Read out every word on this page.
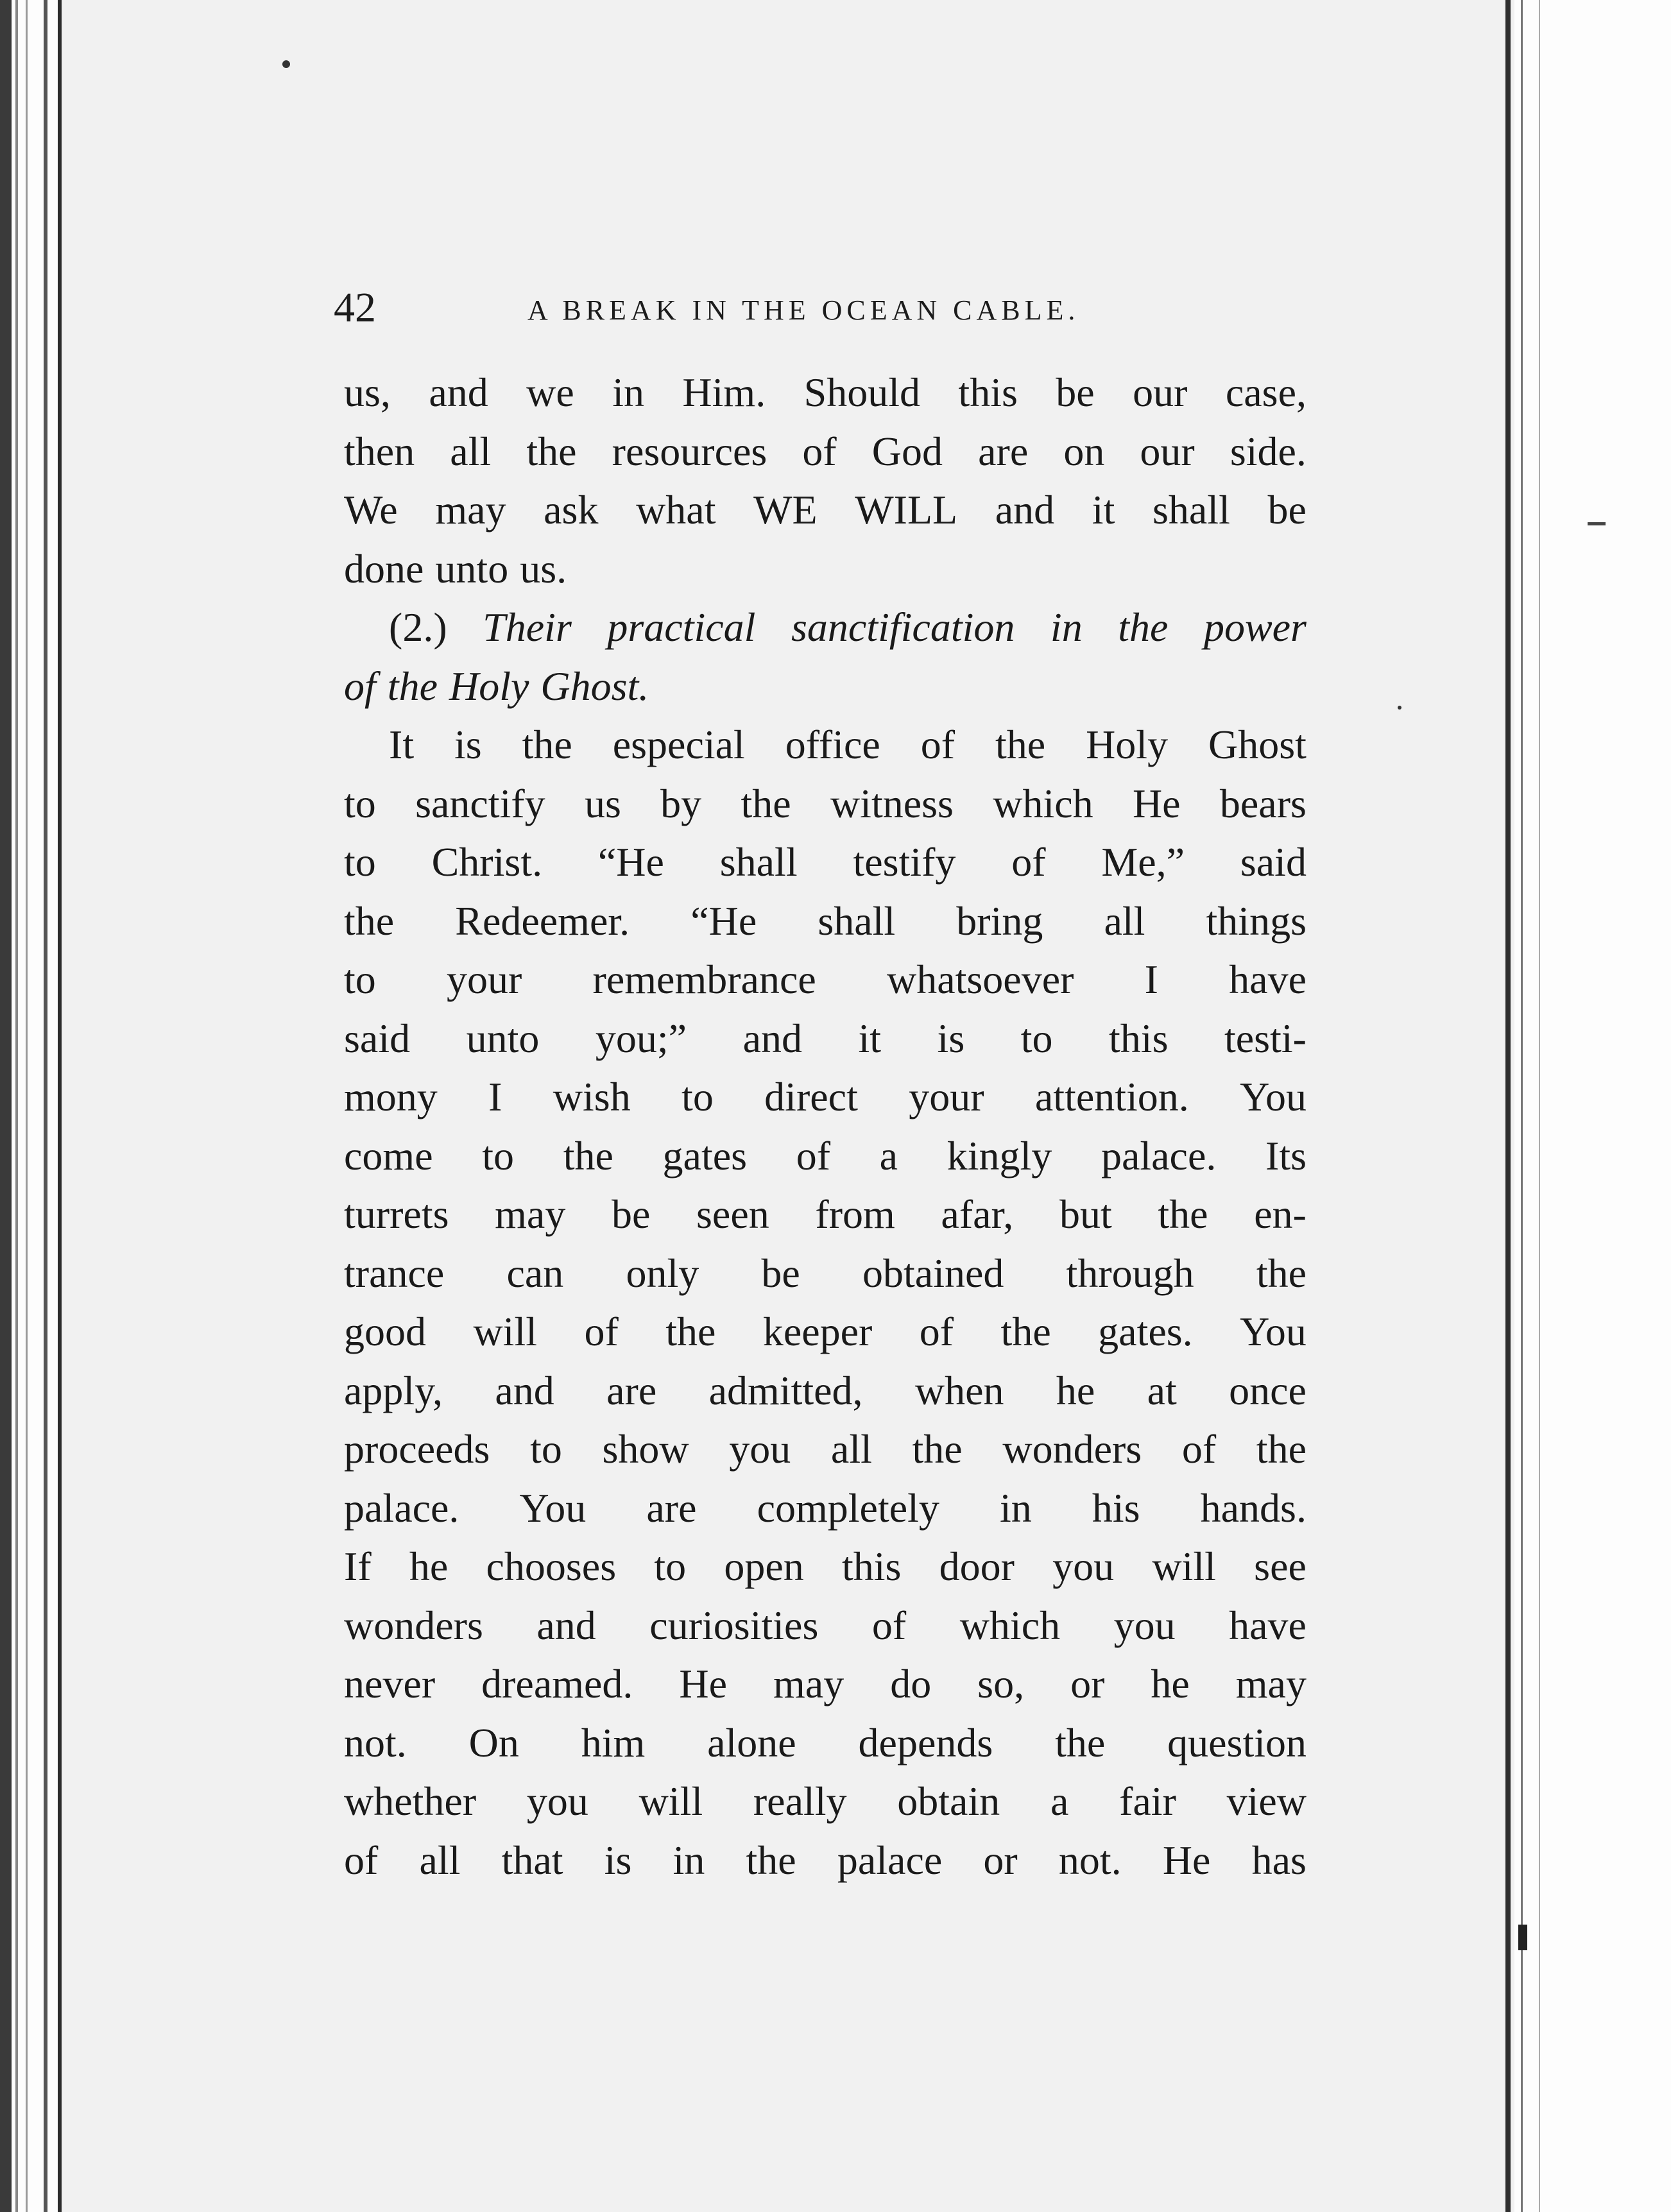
42	A BREAK IN THE OCEAN CABLE.
us, and we in Him. Should this be our case,
then all the resources of God are on our side.
We may ask what WE WILL and it shall be
done unto us.
(2.) Their practical sanctification in the power
of the Holy Ghost.
It is the especial office of the Holy Ghost
to sanctify us by the witness which He bears
to Christ. “He shall testify of Me,” said
the Redeemer. “He shall bring all things
to your remembrance whatsoever I have
said unto you;” and it is to this testi-
mony I wish to direct your attention. You
come to the gates of a kingly palace. Its
turrets may be seen from afar, but the en-
trance can only be obtained through the
good will of the keeper of the gates. You
apply, and are admitted, when he at once
proceeds to show you all the wonders of the
palace. You are completely in his hands.
If he chooses to open this door you will see
wonders and curiosities of which you have
never dreamed. He may do so, or he may
not. On him alone depends the question
whether you will really obtain a fair view
of all that is in the palace or not. He has
